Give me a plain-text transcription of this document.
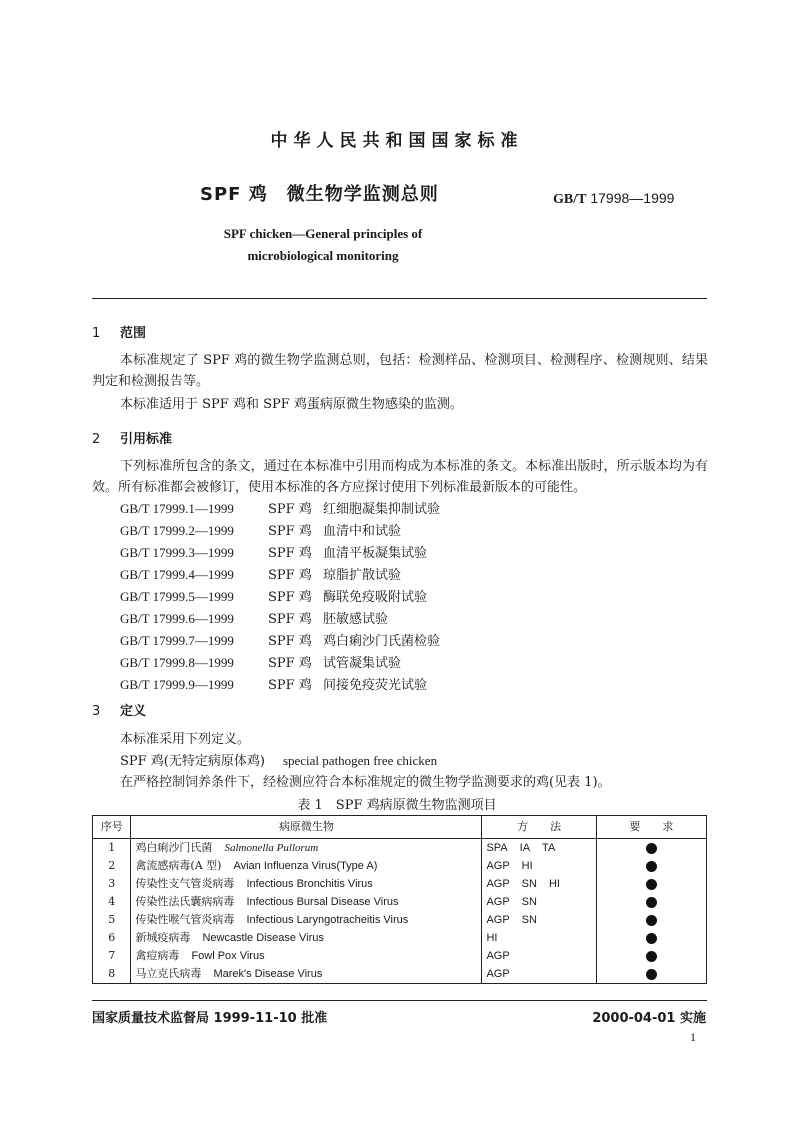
中华人民共和国国家标准
SPF 鸡　微生物学监测总则	GB/T 17998—1999
SPF chicken—General principles of
microbiological monitoring
1 范围
本标准规定了 SPF 鸡的微生物学监测总则，包括：检测样品、检测项目、检测程序、检测规则、结果判定和检测报告等。
本标准适用于 SPF 鸡和 SPF 鸡蛋病原微生物感染的监测。
2 引用标准
下列标准所包含的条文，通过在本标准中引用而构成为本标准的条文。本标准出版时，所示版本均为有效。所有标准都会被修订，使用本标准的各方应探讨使用下列标准最新版本的可能性。
GB/T 17999.1—1999	SPF 鸡 红细胞凝集抑制试验
GB/T 17999.2—1999	SPF 鸡 血清中和试验
GB/T 17999.3—1999	SPF 鸡 血清平板凝集试验
GB/T 17999.4—1999	SPF 鸡 琼脂扩散试验
GB/T 17999.5—1999	SPF 鸡 酶联免疫吸附试验
GB/T 17999.6—1999	SPF 鸡 胚敏感试验
GB/T 17999.7—1999	SPF 鸡 鸡白痢沙门氏菌检验
GB/T 17999.8—1999	SPF 鸡 试管凝集试验
GB/T 17999.9—1999	SPF 鸡 间接免疫荧光试验
3 定义
本标准采用下列定义。
SPF 鸡(无特定病原体鸡) special pathogen free chicken
在严格控制饲养条件下，经检测应符合本标准规定的微生物学监测要求的鸡(见表 1)。
表 1　SPF 鸡病原微生物监测项目
序号	病原微生物	方　　法	要　　求
1	鸡白痢沙门氏菌 Salmonella Pullorum	SPA IA TA	
2	禽流感病毒(A 型) Avian Influenza Virus(Type A)	AGP HI	
3	传染性支气管炎病毒 Infectious Bronchitis Virus	AGP SN HI	
4	传染性法氏囊病病毒 Infectious Bursal Disease Virus	AGP SN	
5	传染性喉气管炎病毒 Infectious Laryngotracheitis Virus	AGP SN	
6	新城疫病毒 Newcastle Disease Virus	HI	
7	禽痘病毒 Fowl Pox Virus	AGP	
8	马立克氏病毒 Marek's Disease Virus	AGP	
国家质量技术监督局 1999-11-10 批准	2000-04-01 实施
1
